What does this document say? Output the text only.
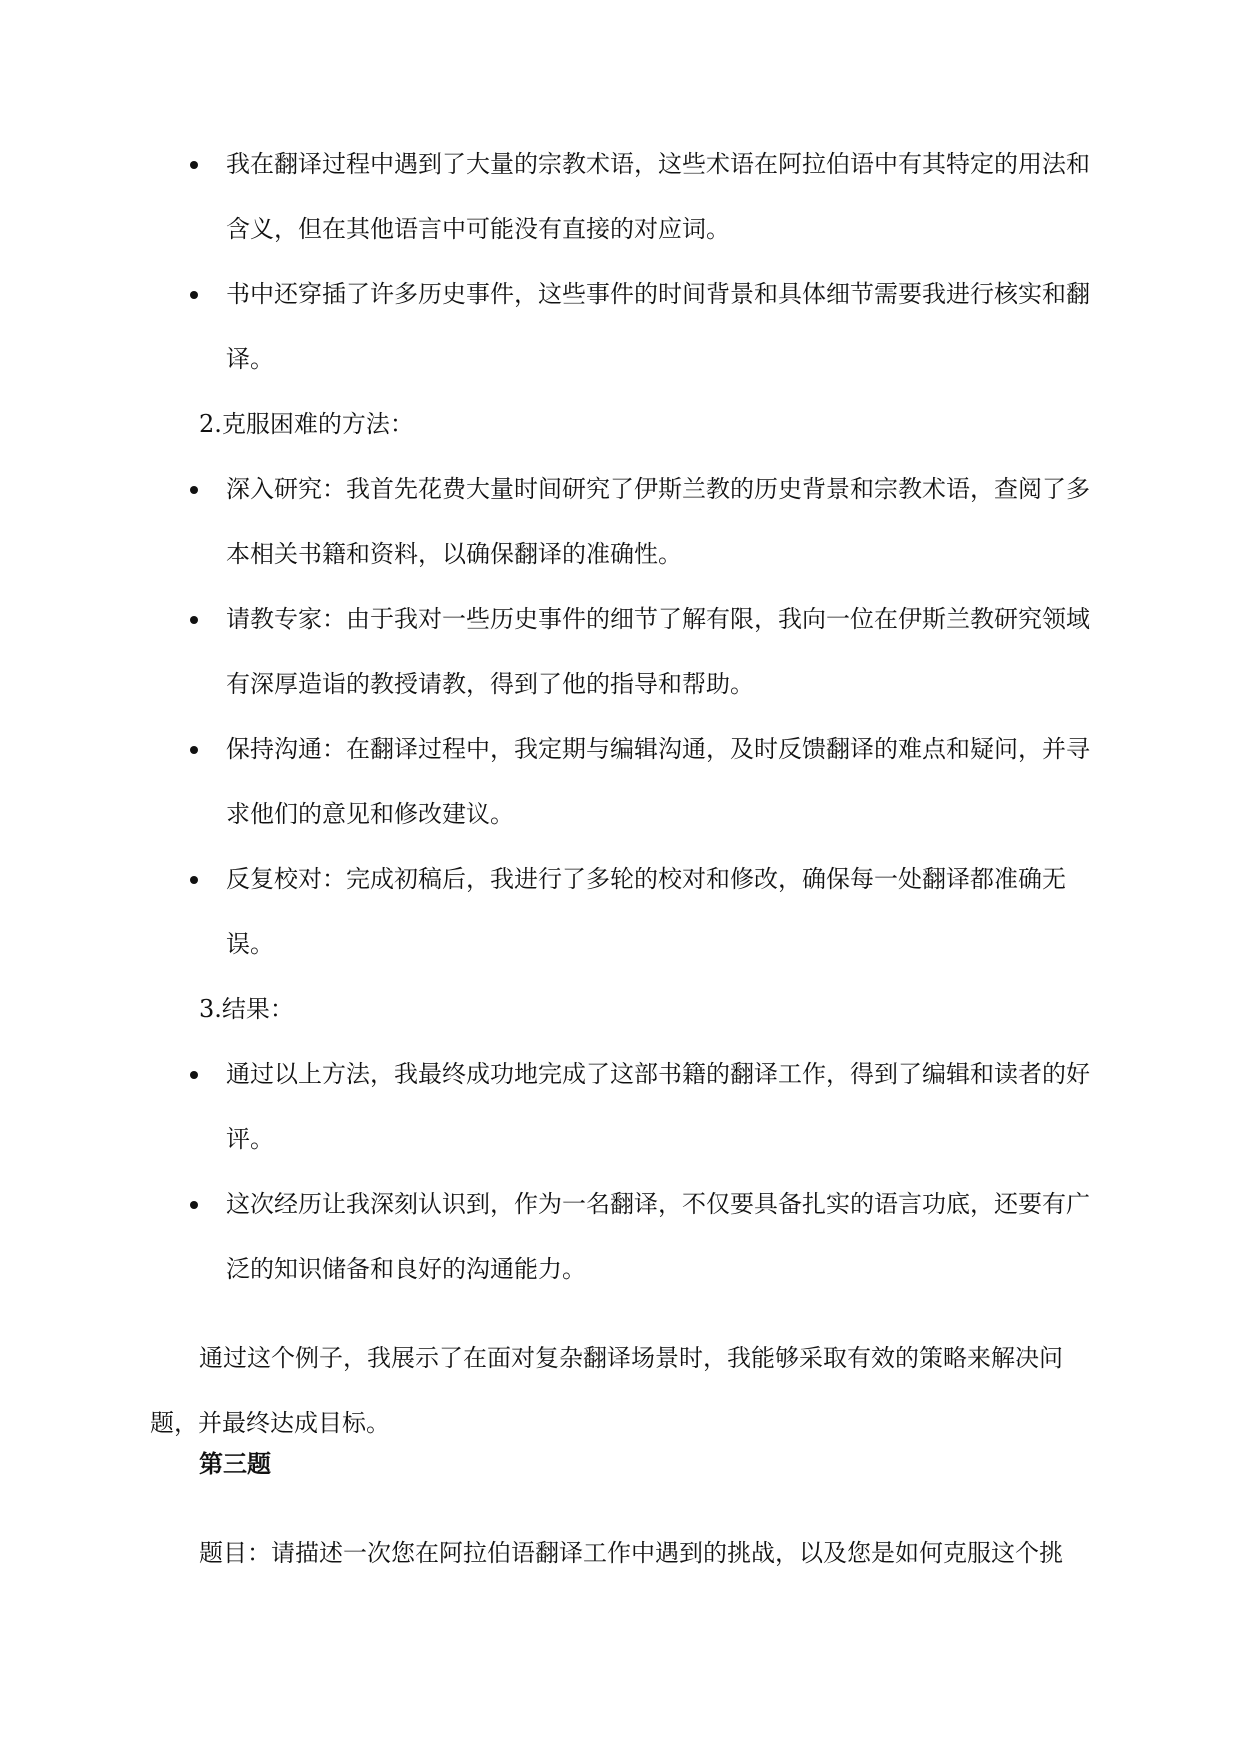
我在翻译过程中遇到了大量的宗教术语，这些术语在阿拉伯语中有其特定的用法和含义，但在其他语言中可能没有直接的对应词。
书中还穿插了许多历史事件，这些事件的时间背景和具体细节需要我进行核实和翻译。
2.克服困难的方法：
深入研究：我首先花费大量时间研究了伊斯兰教的历史背景和宗教术语，查阅了多本相关书籍和资料，以确保翻译的准确性。
请教专家：由于我对一些历史事件的细节了解有限，我向一位在伊斯兰教研究领域有深厚造诣的教授请教，得到了他的指导和帮助。
保持沟通：在翻译过程中，我定期与编辑沟通，及时反馈翻译的难点和疑问，并寻求他们的意见和修改建议。
反复校对：完成初稿后，我进行了多轮的校对和修改，确保每一处翻译都准确无误。
3.结果：
通过以上方法，我最终成功地完成了这部书籍的翻译工作，得到了编辑和读者的好评。
这次经历让我深刻认识到，作为一名翻译，不仅要具备扎实的语言功底，还要有广泛的知识储备和良好的沟通能力。

通过这个例子，我展示了在面对复杂翻译场景时，我能够采取有效的策略来解决问题，并最终达成目标。

第三题

题目：请描述一次您在阿拉伯语翻译工作中遇到的挑战，以及您是如何克服这个挑
